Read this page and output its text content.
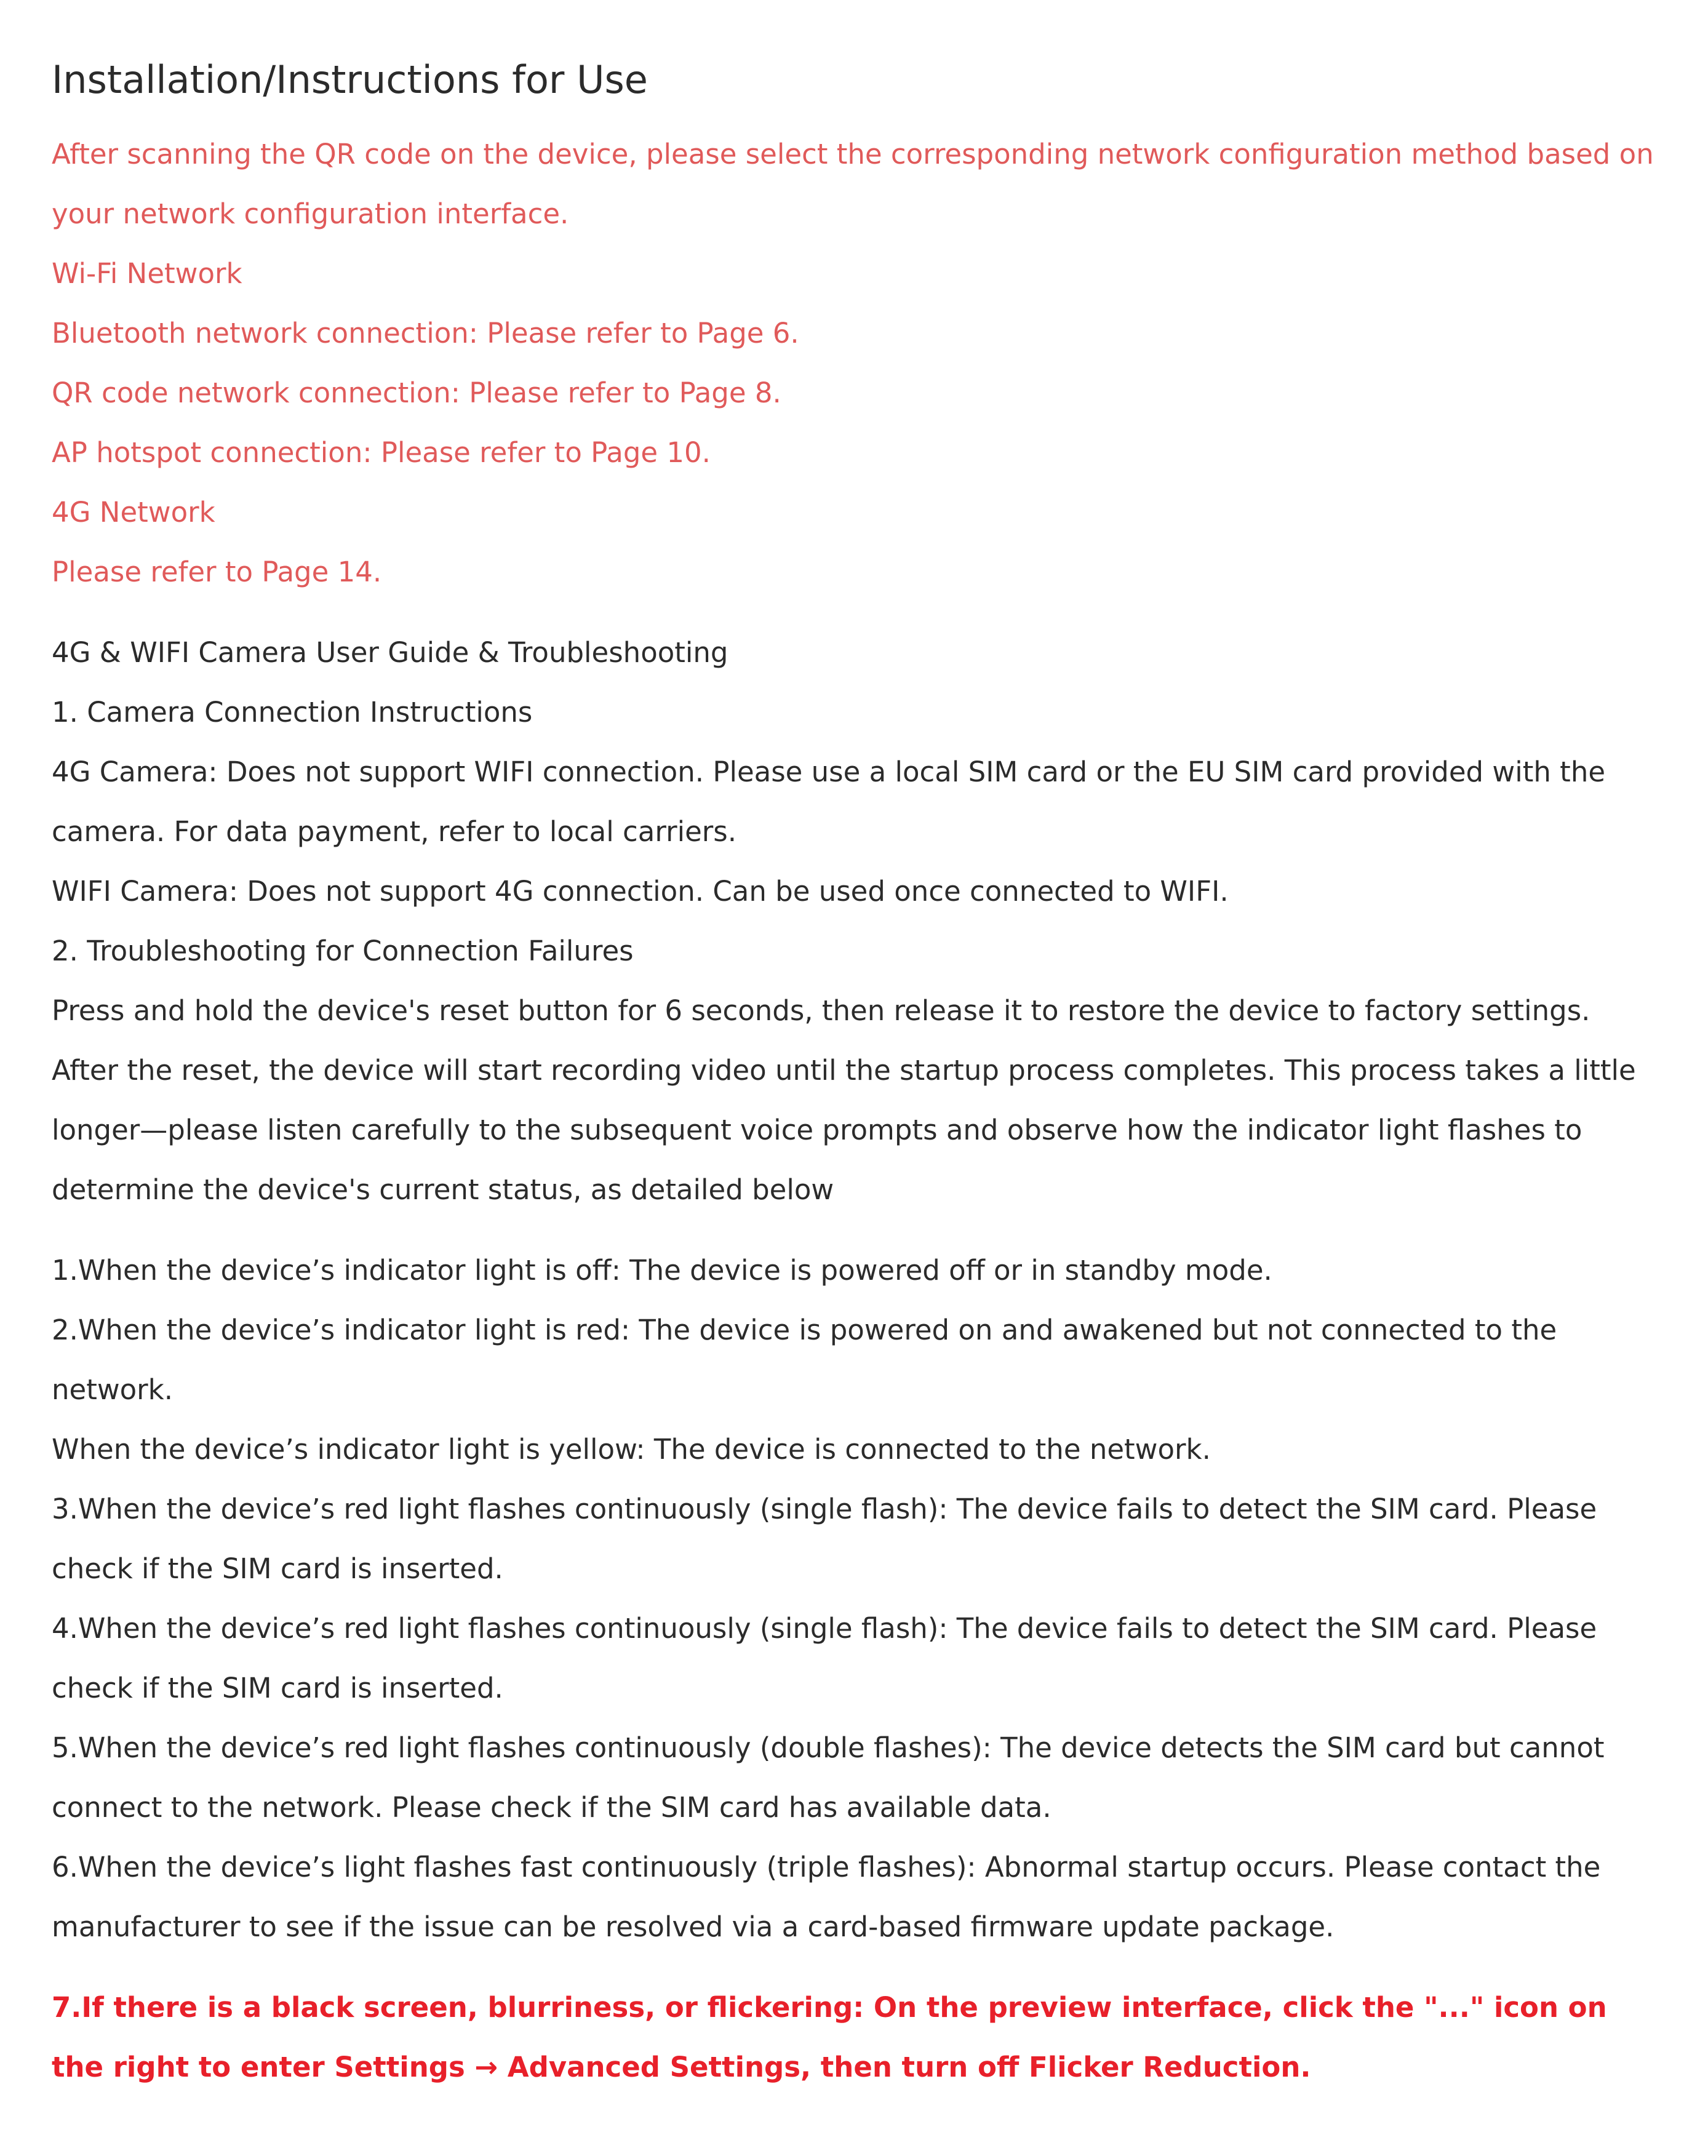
Installation/Instructions for Use

After scanning the QR code on the device, please select the corresponding network configuration method based on your network configuration interface.

Wi-Fi Network

Bluetooth network connection: Please refer to Page 6.

QR code network connection: Please refer to Page 8.

AP hotspot connection: Please refer to Page 10.

4G Network

Please refer to Page 14.

4G & WIFI Camera User Guide & Troubleshooting

1. Camera Connection Instructions

4G Camera: Does not support WIFI connection. Please use a local SIM card or the EU SIM card provided with the camera. For data payment, refer to local carriers.

WIFI Camera: Does not support 4G connection. Can be used once connected to WIFI.

2. Troubleshooting for Connection Failures

Press and hold the device's reset button for 6 seconds, then release it to restore the device to factory settings. After the reset, the device will start recording video until the startup process completes. This process takes a little longer—please listen carefully to the subsequent voice prompts and observe how the indicator light flashes to determine the device's current status, as detailed below

1.When the device’s indicator light is off: The device is powered off or in standby mode.

2.When the device’s indicator light is red: The device is powered on and awakened but not connected to the network.

When the device’s indicator light is yellow: The device is connected to the network.

3.When the device’s red light flashes continuously (single flash): The device fails to detect the SIM card. Please check if the SIM card is inserted.

4.When the device’s red light flashes continuously (single flash): The device fails to detect the SIM card. Please check if the SIM card is inserted.

5.When the device’s red light flashes continuously (double flashes): The device detects the SIM card but cannot connect to the network. Please check if the SIM card has available data.

6.When the device’s light flashes fast continuously (triple flashes): Abnormal startup occurs. Please contact the manufacturer to see if the issue can be resolved via a card-based firmware update package.

7.If there is a black screen, blurriness, or flickering: On the preview interface, click the "..." icon on the right to enter Settings → Advanced Settings, then turn off Flicker Reduction.
